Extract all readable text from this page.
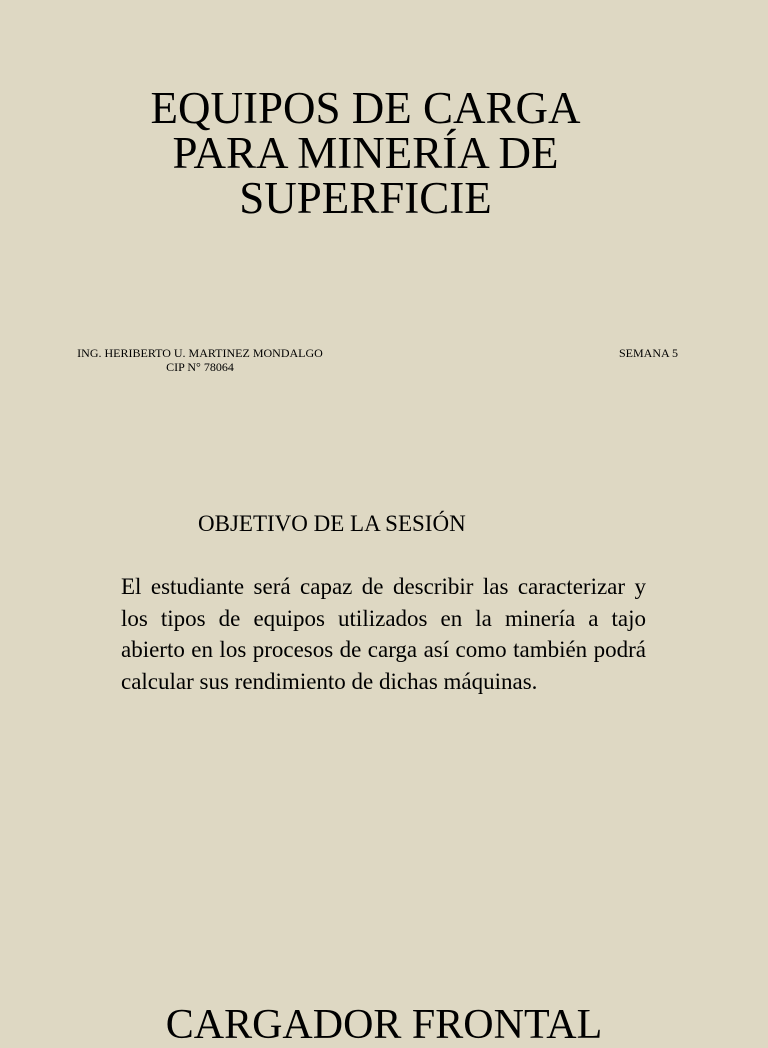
EQUIPOS DE CARGA
PARA MINERÍA DE
SUPERFICIE
ING. HERIBERTO U. MARTINEZ MONDALGO
CIP N° 78064
SEMANA 5
OBJETIVO DE LA SESIÓN

El estudiante será capaz de describir las caracterizar y los tipos de equipos utilizados en la minería a tajo abierto en los procesos de carga así como también podrá calcular sus rendimiento de dichas máquinas.

CARGADOR FRONTAL
